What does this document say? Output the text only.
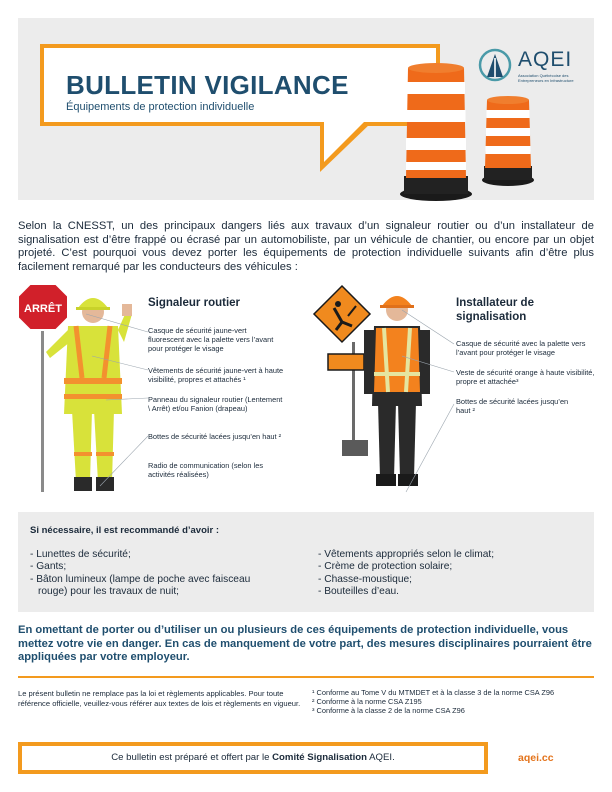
BULLETIN VIGILANCE
Équipements de protection individuelle
AQEI
Association Québécoise des Entrepreneurs en Infrastructure
Selon la CNESST, un des principaux dangers liés aux travaux d’un signaleur routier ou d’un installateur de signalisation est d’être frappé ou écrasé par un automobiliste, par un véhicule de chantier, ou encore par un objet projeté. C’est pourquoi vous devez porter les équipements de protection individuelle suivants afin d’être plus facilement remarqué par les conducteurs des véhicules :
ARRÊT	Signaleur routier
Casque de sécurité jaune-vert fluorescent avec la palette vers l’avant pour protéger le visage
Vêtements de sécurité jaune-vert à haute visibilité, propres et attachés ¹
Panneau du signaleur routier (Lentement \ Arrêt) et/ou Fanion (drapeau)
Bottes de sécurité lacées jusqu’en haut ²
Radio de communication (selon les activités réalisées)
Installateur de signalisation
Casque de sécurité avec la palette vers l’avant pour protéger le visage
Veste de sécurité orange à haute visibilité, propre et attachée³
Bottes de sécurité lacées jusqu’en haut ²
Si nécessaire, il est recommandé d’avoir :
- Lunettes de sécurité;
- Gants;
- Bâton lumineux (lampe de poche avec faisceau
rouge) pour les travaux de nuit;
- Vêtements appropriés selon le climat;
- Crème de protection solaire;
- Chasse-moustique;
- Bouteilles d’eau.
En omettant de porter ou d’utiliser un ou plusieurs de ces équipements de protection individuelle, vous mettez votre vie en danger. En cas de manquement de votre part, des mesures disciplinaires pourraient être appliquées par votre employeur.
Le présent bulletin ne remplace pas la loi et règlements applicables. Pour toute référence officielle, veuillez-vous référer aux textes de lois et règlements en vigueur.
¹ Conforme au Tome V du MTMDET et à la classe 3 de la norme CSA Z96
² Conforme à la norme CSA Z195
³ Conforme à la classe 2 de la norme CSA Z96
Ce bulletin est préparé et offert par le Comité Signalisation AQEI.	aqei.cc
